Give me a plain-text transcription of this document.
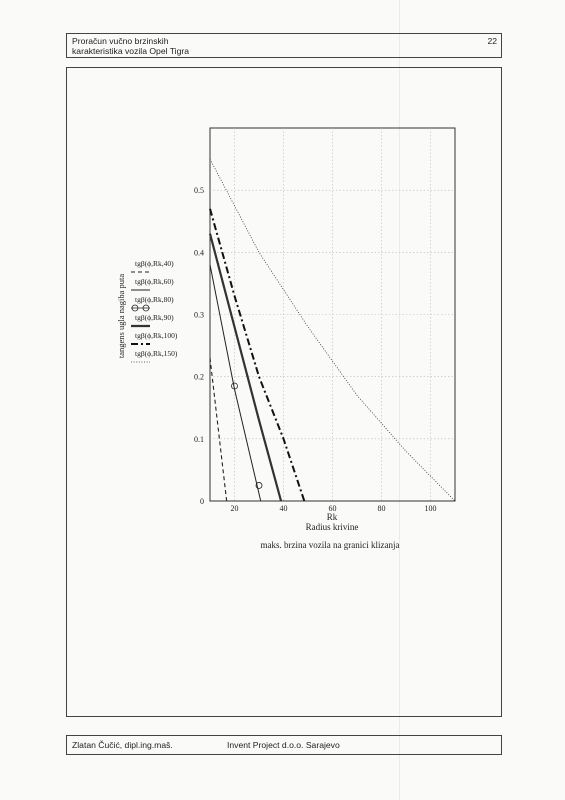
Proračun vučno brzinskih
karakteristika vozila Opel Tigra
22
20	40	60	80	100
0
0.1
0.2
0.3
0.4
0.5
tgβ(ϕ,Rk,40)
tgβ(ϕ,Rk,60)
tgβ(ϕ,Rk,80)
tgβ(ϕ,Rk,90)
tgβ(ϕ,Rk,100)
tgβ(ϕ,Rk,150)
Rk
Radius krivine
tangens ugla nagiba puta
maks. brzina vozila na granici klizanja
Zlatan Čučić, dipl.ing.maš.	Invent Project d.o.o. Sarajevo
